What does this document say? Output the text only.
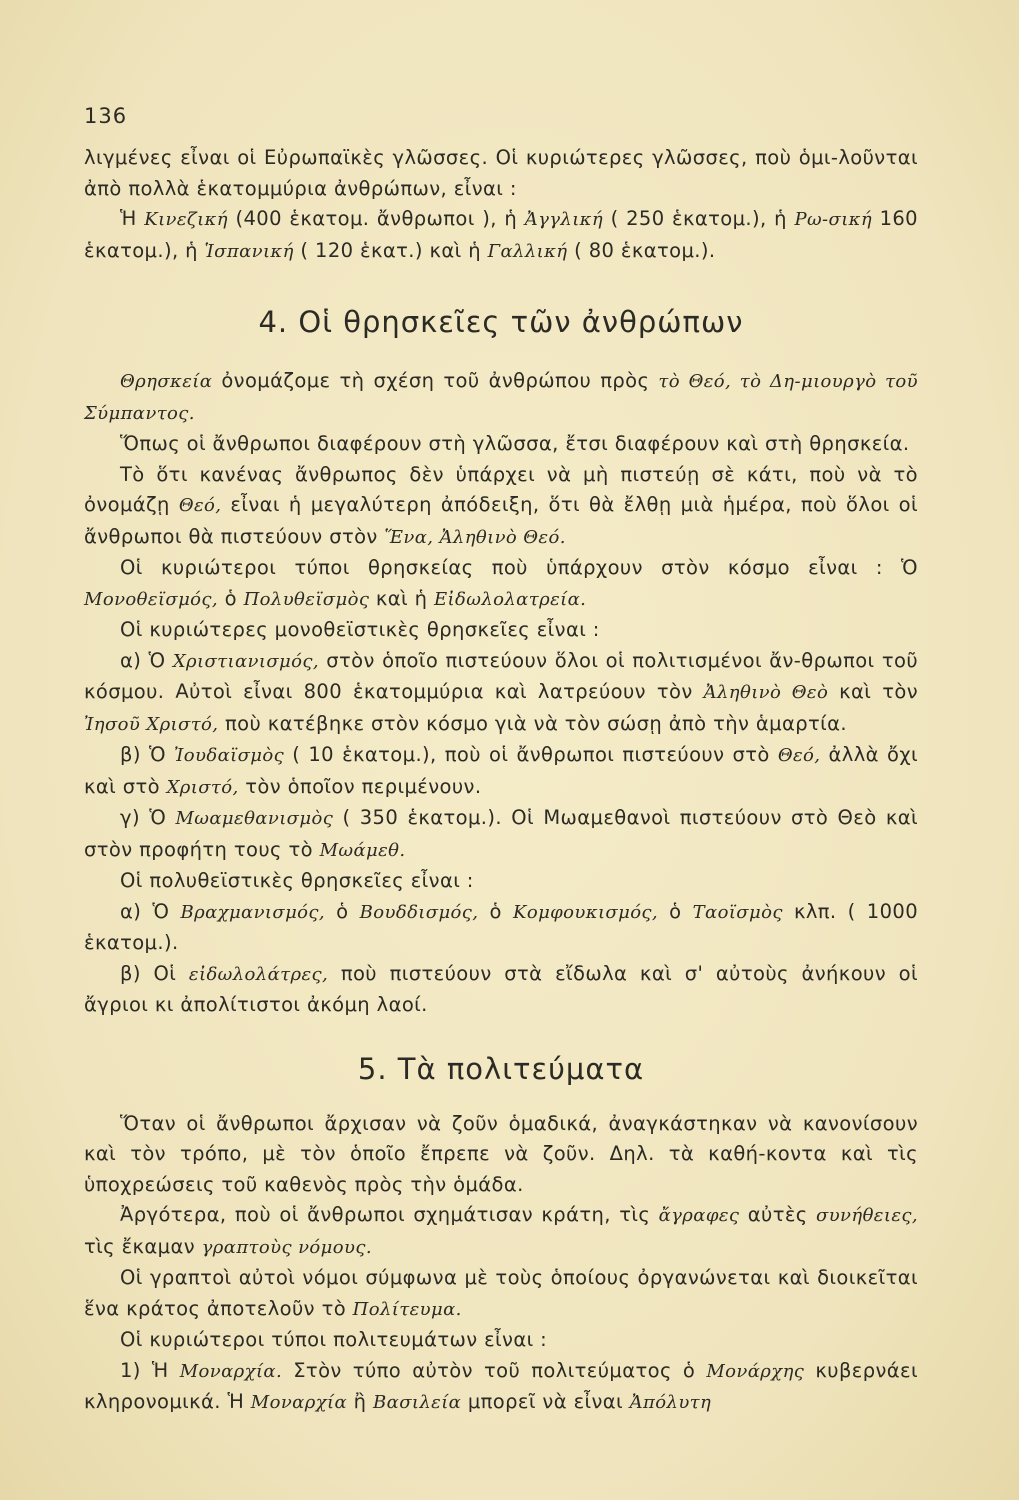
136

λιγμένες εἶναι οἱ Εὐρωπαϊκὲς γλῶσσες. Οἱ κυριώτερες γλῶσσες, ποὺ ὁμι-λοῦνται ἀπὸ πολλὰ ἑκατομμύρια ἀνθρώπων, εἶναι :

Ἡ Κινεζική (400 ἑκατομ. ἄνθρωποι ), ἡ Ἀγγλική ( 250 ἑκατομ.), ἡ Ρω-σική 160 ἑκατομ.), ἡ Ἱσπανική ( 120 ἑκατ.) καὶ ἡ Γαλλική ( 80 ἑκατομ.).

4. Οἱ θρησκεῖες τῶν ἀνθρώπων

Θρησκεία ὀνομάζομε τὴ σχέση τοῦ ἀνθρώπου πρὸς τὸ Θεό, τὸ Δη-μιουργὸ τοῦ Σύμπαντος.

Ὅπως οἱ ἄνθρωποι διαφέρουν στὴ γλῶσσα, ἔτσι διαφέρουν καὶ στὴ θρησκεία.

Τὸ ὅτι κανένας ἄνθρωπος δὲν ὑπάρχει νὰ μὴ πιστεύῃ σὲ κάτι, ποὺ νὰ τὸ ὀνομάζῃ Θεό, εἶναι ἡ μεγαλύτερη ἀπόδειξη, ὅτι θὰ ἔλθῃ μιὰ ἡμέρα, ποὺ ὅλοι οἱ ἄνθρωποι θὰ πιστεύουν στὸν Ἕνα, Ἀληθινὸ Θεό.

Οἱ κυριώτεροι τύποι θρησκείας ποὺ ὑπάρχουν στὸν κόσμο εἶναι : Ὁ Μονοθεϊσμός, ὁ Πολυθεϊσμὸς καὶ ἡ Εἰδωλολατρεία.

Οἱ κυριώτερες μονοθεϊστικὲς θρησκεῖες εἶναι :

α) Ὁ Χριστιανισμός, στὸν ὁποῖο πιστεύουν ὅλοι οἱ πολιτισμένοι ἄν-θρωποι τοῦ κόσμου. Αὐτοὶ εἶναι 800 ἑκατομμύρια καὶ λατρεύουν τὸν Ἀληθινὸ Θεὸ καὶ τὸν Ἰησοῦ Χριστό, ποὺ κατέβηκε στὸν κόσμο γιὰ νὰ τὸν σώσῃ ἀπὸ τὴν ἁμαρτία.

β) Ὁ Ἰουδαϊσμὸς ( 10 ἑκατομ.), ποὺ οἱ ἄνθρωποι πιστεύουν στὸ Θεό, ἀλλὰ ὄχι καὶ στὸ Χριστό, τὸν ὁποῖον περιμένουν.

γ) Ὁ Μωαμεθανισμὸς ( 350 ἑκατομ.). Οἱ Μωαμεθανοὶ πιστεύουν στὸ Θεὸ καὶ στὸν προφήτη τους τὸ Μωάμεθ.

Οἱ πολυθεϊστικὲς θρησκεῖες εἶναι :

α) Ὁ Βραχμανισμός, ὁ Βουδδισμός, ὁ Κομφουκισμός, ὁ Ταοϊσμὸς κλπ. ( 1000 ἑκατομ.).

β) Οἱ εἰδωλολάτρες, ποὺ πιστεύουν στὰ εἴδωλα καὶ σ' αὐτοὺς ἀνήκουν οἱ ἄγριοι κι ἀπολίτιστοι ἀκόμη λαοί.

5. Τὰ πολιτεύματα

Ὅταν οἱ ἄνθρωποι ἄρχισαν νὰ ζοῦν ὁμαδικά, ἀναγκάστηκαν νὰ κανονίσουν καὶ τὸν τρόπο, μὲ τὸν ὁποῖο ἔπρεπε νὰ ζοῦν. Δηλ. τὰ καθή-κοντα καὶ τὶς ὑποχρεώσεις τοῦ καθενὸς πρὸς τὴν ὁμάδα.

Ἀργότερα, ποὺ οἱ ἄνθρωποι σχημάτισαν κράτη, τὶς ἄγραφες αὐτὲς συνήθειες, τὶς ἔκαμαν γραπτοὺς νόμους.

Οἱ γραπτοὶ αὐτοὶ νόμοι σύμφωνα μὲ τοὺς ὁποίους ὀργανώνεται καὶ διοικεῖται ἕνα κράτος ἀποτελοῦν τὸ Πολίτευμα.

Οἱ κυριώτεροι τύποι πολιτευμάτων εἶναι :

1) Ἡ Μοναρχία. Στὸν τύπο αὐτὸν τοῦ πολιτεύματος ὁ Μονάρχης κυβερνάει κληρονομικά. Ἡ Μοναρχία ἢ Βασιλεία μπορεῖ νὰ εἶναι Ἀπόλυτη
